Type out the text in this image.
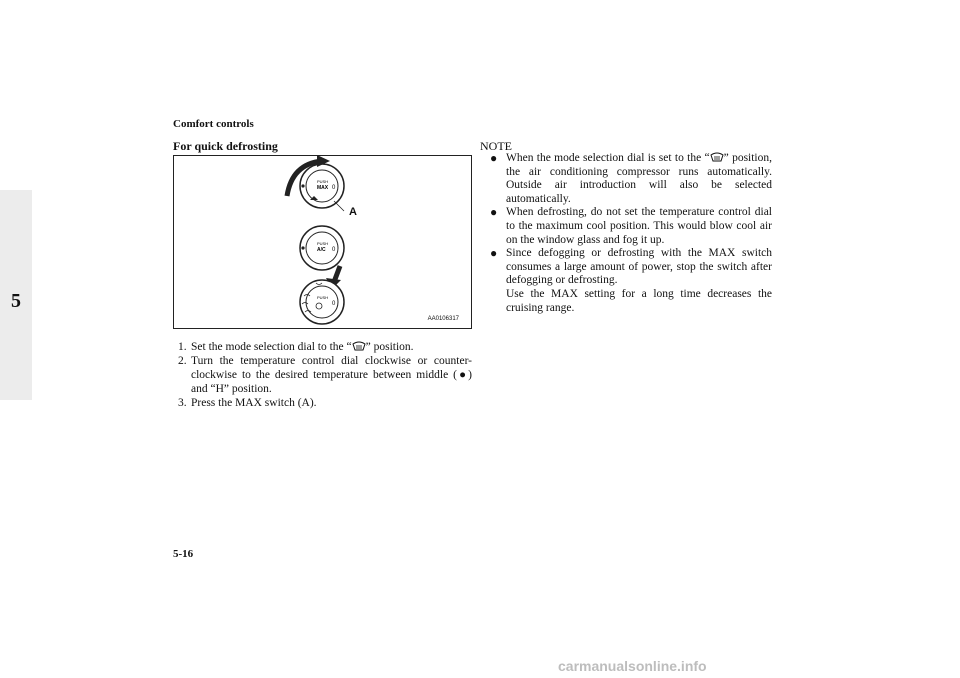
5
Comfort controls
For quick defrosting
PUSH
MAX 0
PUSH
A/C 0
PUSH
0
A
AA0106317
1. Set the mode selection dial to the “ ” position.
2. Turn the temperature control dial clockwise or counter-clockwise to the desired temperature between middle (●) and “H” position.
3. Press the MAX switch (A).
NOTE
● When the mode selection dial is set to the “ ” position, the air conditioning compressor runs automatically. Outside air introduction will also be selected automatically.
● When defrosting, do not set the temperature control dial to the maximum cool position. This would blow cool air on the window glass and fog it up.
● Since defogging or defrosting with the MAX switch consumes a large amount of power, stop the switch after defogging or defrosting.
Use the MAX setting for a long time decreases the cruising range.
5-16
carmanualsonline.info
